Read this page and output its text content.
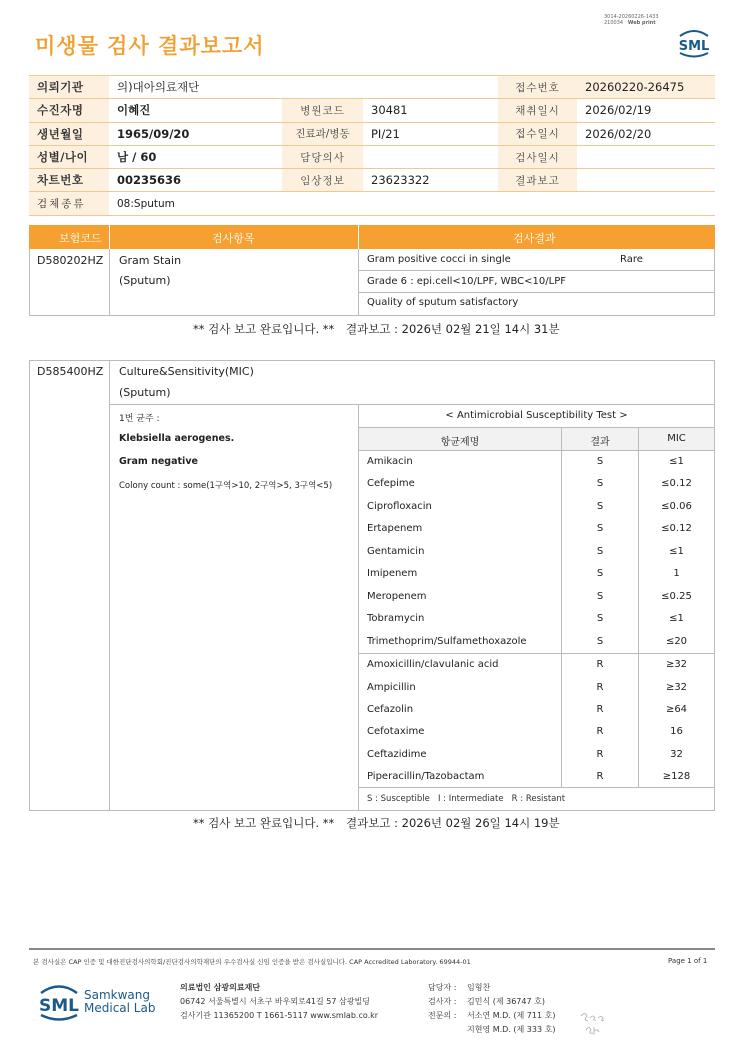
미생물 검사 결과보고서
3014-20260226-1433
210034 Web print
SML
의뢰기관	의)대아의료재단			접수번호	20260220-26475
수진자명	이혜진	병원코드	30481	채취일시	2026/02/19
생년월일	1965/09/20	진료과/병동	PI/21	접수일시	2026/02/20
성별/나이	남 / 60	담당의사		검사일시	
차트번호	00235636	임상정보	23623322	결과보고	
검체종류	08:Sputum				
보험코드	검사항목	검사결과
D580202HZ Gram Stain
(Sputum)
Gram positive cocci in single	Rare
Grade 6 : epi.cell<10/LPF, WBC<10/LPF
Quality of sputum satisfactory
** 검사 보고 완료입니다. ** 결과보고 : 2026년 02월 21일 14시 31분
D585400HZ Culture&Sensitivity(MIC)
(Sputum)
1번 균주 :
Klebsiella aerogenes.
Gram negative
Colony count : some(1구역>10, 2구역>5, 3구역<5)
< Antimicrobial Susceptibility Test >
항균제명	결과	MIC
Amikacin	S	≤1
Cefepime	S	≤0.12
Ciprofloxacin	S	≤0.06
Ertapenem	S	≤0.12
Gentamicin	S	≤1
Imipenem	S	1
Meropenem	S	≤0.25
Tobramycin	S	≤1
Trimethoprim/Sulfamethoxazole	S	≤20
Amoxicillin/clavulanic acid	R	≥32
Ampicillin	R	≥32
Cefazolin	R	≥64
Cefotaxime	R	16
Ceftazidime	R	32
Piperacillin/Tazobactam	R	≥128
S : Susceptible   I : Intermediate   R : Resistant
** 검사 보고 완료입니다. ** 결과보고 : 2026년 02월 26일 14시 19분
본 검사실은 CAP 인증 및 대한진단검사의학회/진단검사의학재단의 우수검사실 신임 인증을 받은 검사실입니다. CAP Accredited Laboratory. 69944-01	Page 1 of 1
SML
Samkwang
Medical Lab
의료법인 삼광의료재단
06742 서울특별시 서초구 바우뫼로41길 57 삼광빌딩
검사기관 11365200 T 1661-5117 www.smlab.co.kr
담당자 :
검사자 :
전문의 :
임형찬
김민식 (제 36747 호)
서소연 M.D. (제 711 호)
지현영 M.D. (제 333 호)
